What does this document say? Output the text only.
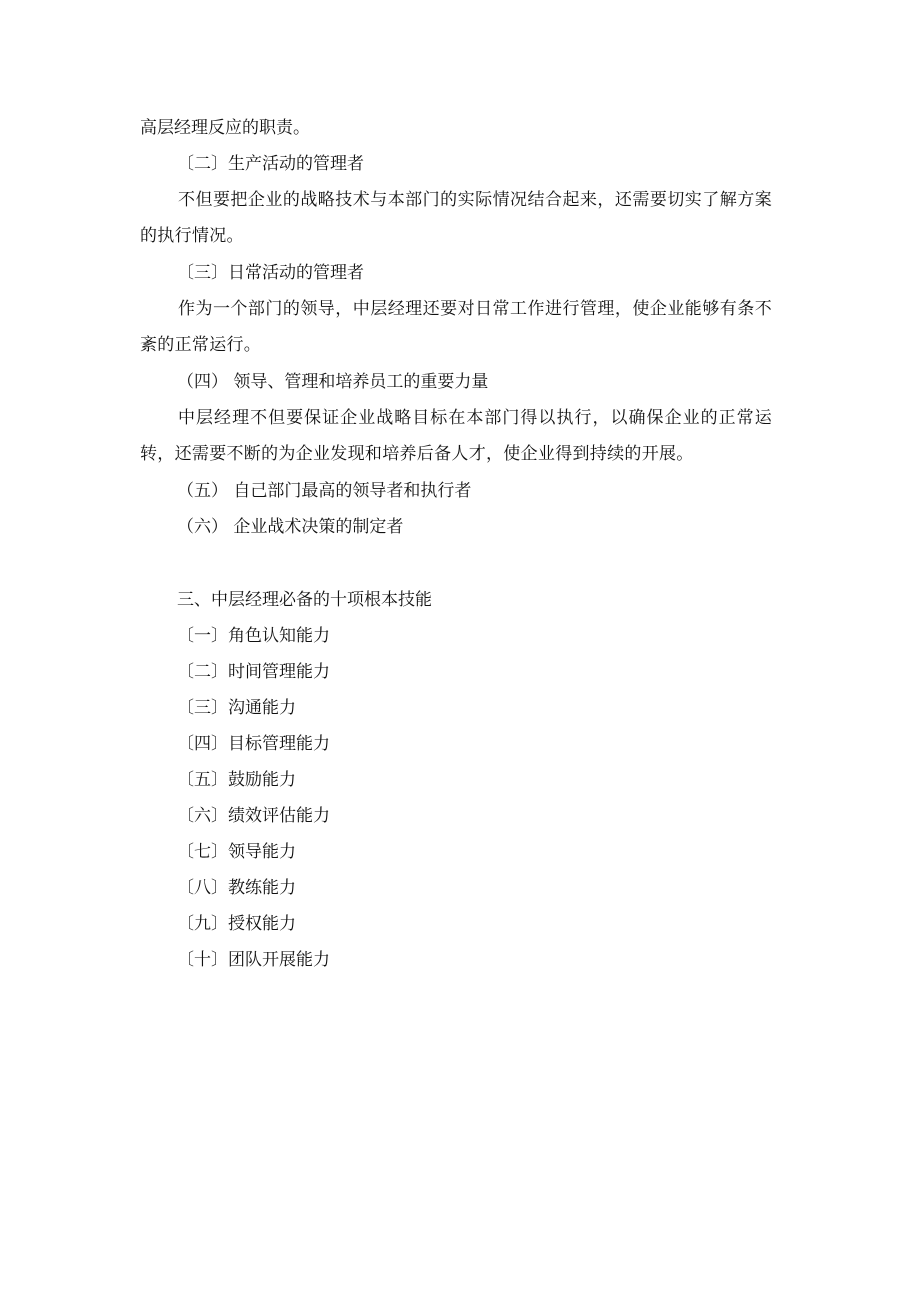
高层经理反应的职责。
〔二〕生产活动的管理者
不但要把企业的战略技术与本部门的实际情况结合起来，还需要切实了解方案的执行情况。
〔三〕日常活动的管理者
作为一个部门的领导，中层经理还要对日常工作进行管理，使企业能够有条不紊的正常运行。
（四） 领导、管理和培养员工的重要力量
中层经理不但要保证企业战略目标在本部门得以执行，以确保企业的正常运转，还需要不断的为企业发现和培养后备人才，使企业得到持续的开展。
（五） 自己部门最高的领导者和执行者
（六） 企业战术决策的制定者
三、中层经理必备的十项根本技能
〔一〕角色认知能力
〔二〕时间管理能力
〔三〕沟通能力
〔四〕目标管理能力
〔五〕鼓励能力
〔六〕绩效评估能力
〔七〕领导能力
〔八〕教练能力
〔九〕授权能力
〔十〕团队开展能力
